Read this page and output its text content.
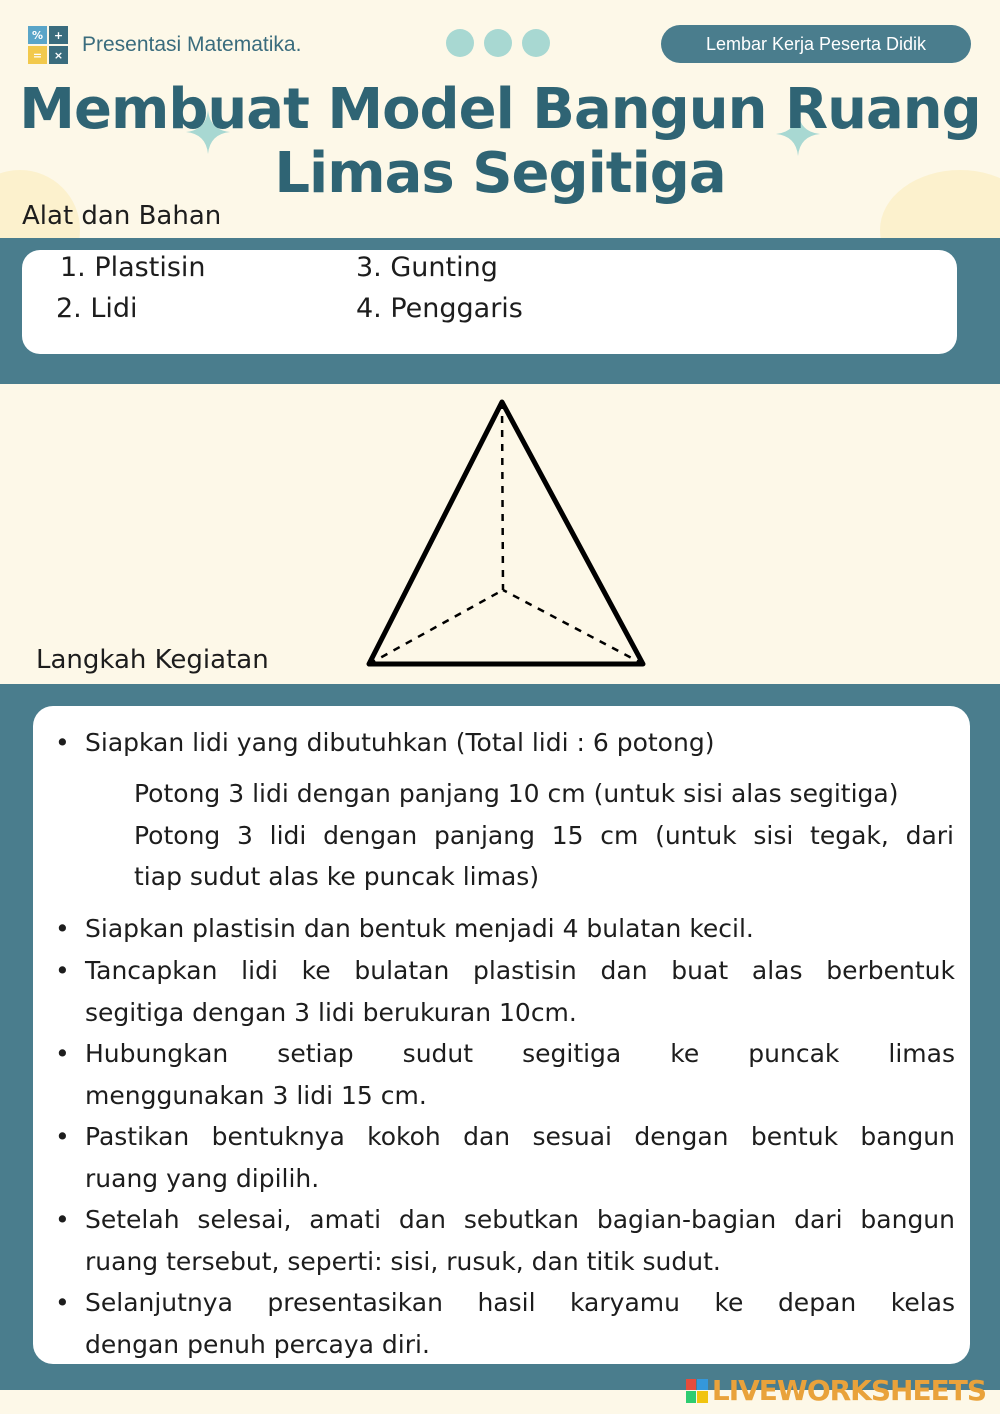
% +
=	× Presentasi Matematika.	Lembar Kerja Peserta Didik
Membuat Model Bangun Ruang
Limas Segitiga
Alat dan Bahan
1. Plastisin
2. Lidi
3. Gunting
4. Penggaris
Langkah Kegiatan
• Siapkan lidi yang dibutuhkan (Total lidi : 6 potong)
Potong 3 lidi dengan panjang 10 cm (untuk sisi alas segitiga)
Potong 3 lidi dengan panjang 15 cm (untuk sisi tegak, dari
tiap sudut alas ke puncak limas)
• Siapkan plastisin dan bentuk menjadi 4 bulatan kecil.
• Tancapkan lidi ke bulatan plastisin dan buat alas berbentuk
segitiga dengan 3 lidi berukuran 10cm.
• Hubungkan setiap sudut segitiga ke puncak limas
menggunakan 3 lidi 15 cm.
• Pastikan bentuknya kokoh dan sesuai dengan bentuk bangun
ruang yang dipilih.
• Setelah selesai, amati dan sebutkan bagian-bagian dari bangun
ruang tersebut, seperti: sisi, rusuk, dan titik sudut.
• Selanjutnya presentasikan hasil karyamu ke depan kelas
dengan penuh percaya diri.
LIVEWORKSHEETS
